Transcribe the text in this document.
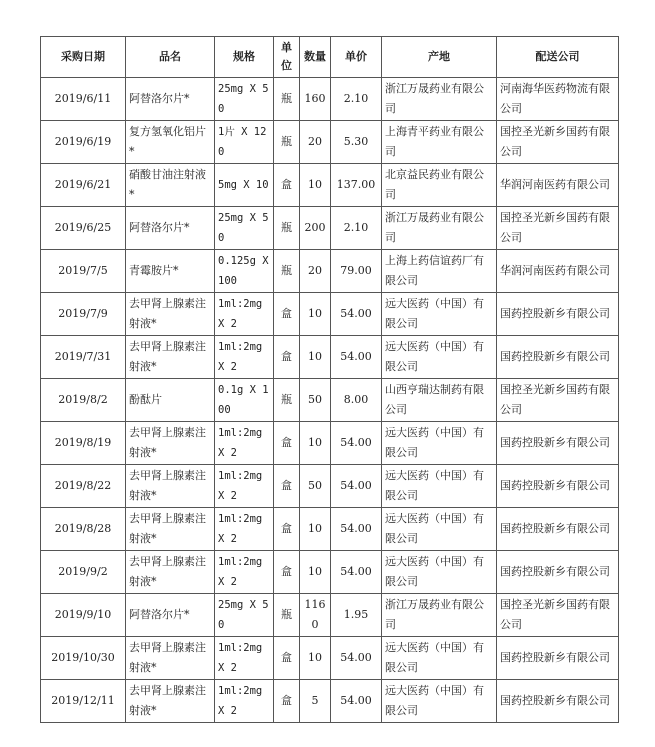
采购日期	品名	规格	单位	数量	单价	产地	配送公司
2019/6/11	阿替洛尔片*	25mg X 50	瓶	160	2.10	浙江万晟药业有限公司	河南海华医药物流有限公司
2019/6/19	复方氢氧化铝片*	1片 X 120	瓶	20	5.30	上海青平药业有限公司	国控圣光新乡国药有限公司
2019/6/21	硝酸甘油注射液*	5mg X 10	盒	10	137.00	北京益民药业有限公司	华润河南医药有限公司
2019/6/25	阿替洛尔片*	25mg X 50	瓶	200	2.10	浙江万晟药业有限公司	国控圣光新乡国药有限公司
2019/7/5	青霉胺片*	0.125g X 100	瓶	20	79.00	上海上药信谊药厂有限公司	华润河南医药有限公司
2019/7/9	去甲肾上腺素注射液*	1ml:2mg X 2	盒	10	54.00	远大医药（中国）有限公司	国药控股新乡有限公司
2019/7/31	去甲肾上腺素注射液*	1ml:2mg X 2	盒	10	54.00	远大医药（中国）有限公司	国药控股新乡有限公司
2019/8/2	酚酞片	0.1g X 100	瓶	50	8.00	山西亨瑞达制药有限公司	国控圣光新乡国药有限公司
2019/8/19	去甲肾上腺素注射液*	1ml:2mg X 2	盒	10	54.00	远大医药（中国）有限公司	国药控股新乡有限公司
2019/8/22	去甲肾上腺素注射液*	1ml:2mg X 2	盒	50	54.00	远大医药（中国）有限公司	国药控股新乡有限公司
2019/8/28	去甲肾上腺素注射液*	1ml:2mg X 2	盒	10	54.00	远大医药（中国）有限公司	国药控股新乡有限公司
2019/9/2	去甲肾上腺素注射液*	1ml:2mg X 2	盒	10	54.00	远大医药（中国）有限公司	国药控股新乡有限公司
2019/9/10	阿替洛尔片*	25mg X 50	瓶	1160	1.95	浙江万晟药业有限公司	国控圣光新乡国药有限公司
2019/10/30	去甲肾上腺素注射液*	1ml:2mg X 2	盒	10	54.00	远大医药（中国）有限公司	国药控股新乡有限公司
2019/12/11	去甲肾上腺素注射液*	1ml:2mg X 2	盒	5	54.00	远大医药（中国）有限公司	国药控股新乡有限公司
